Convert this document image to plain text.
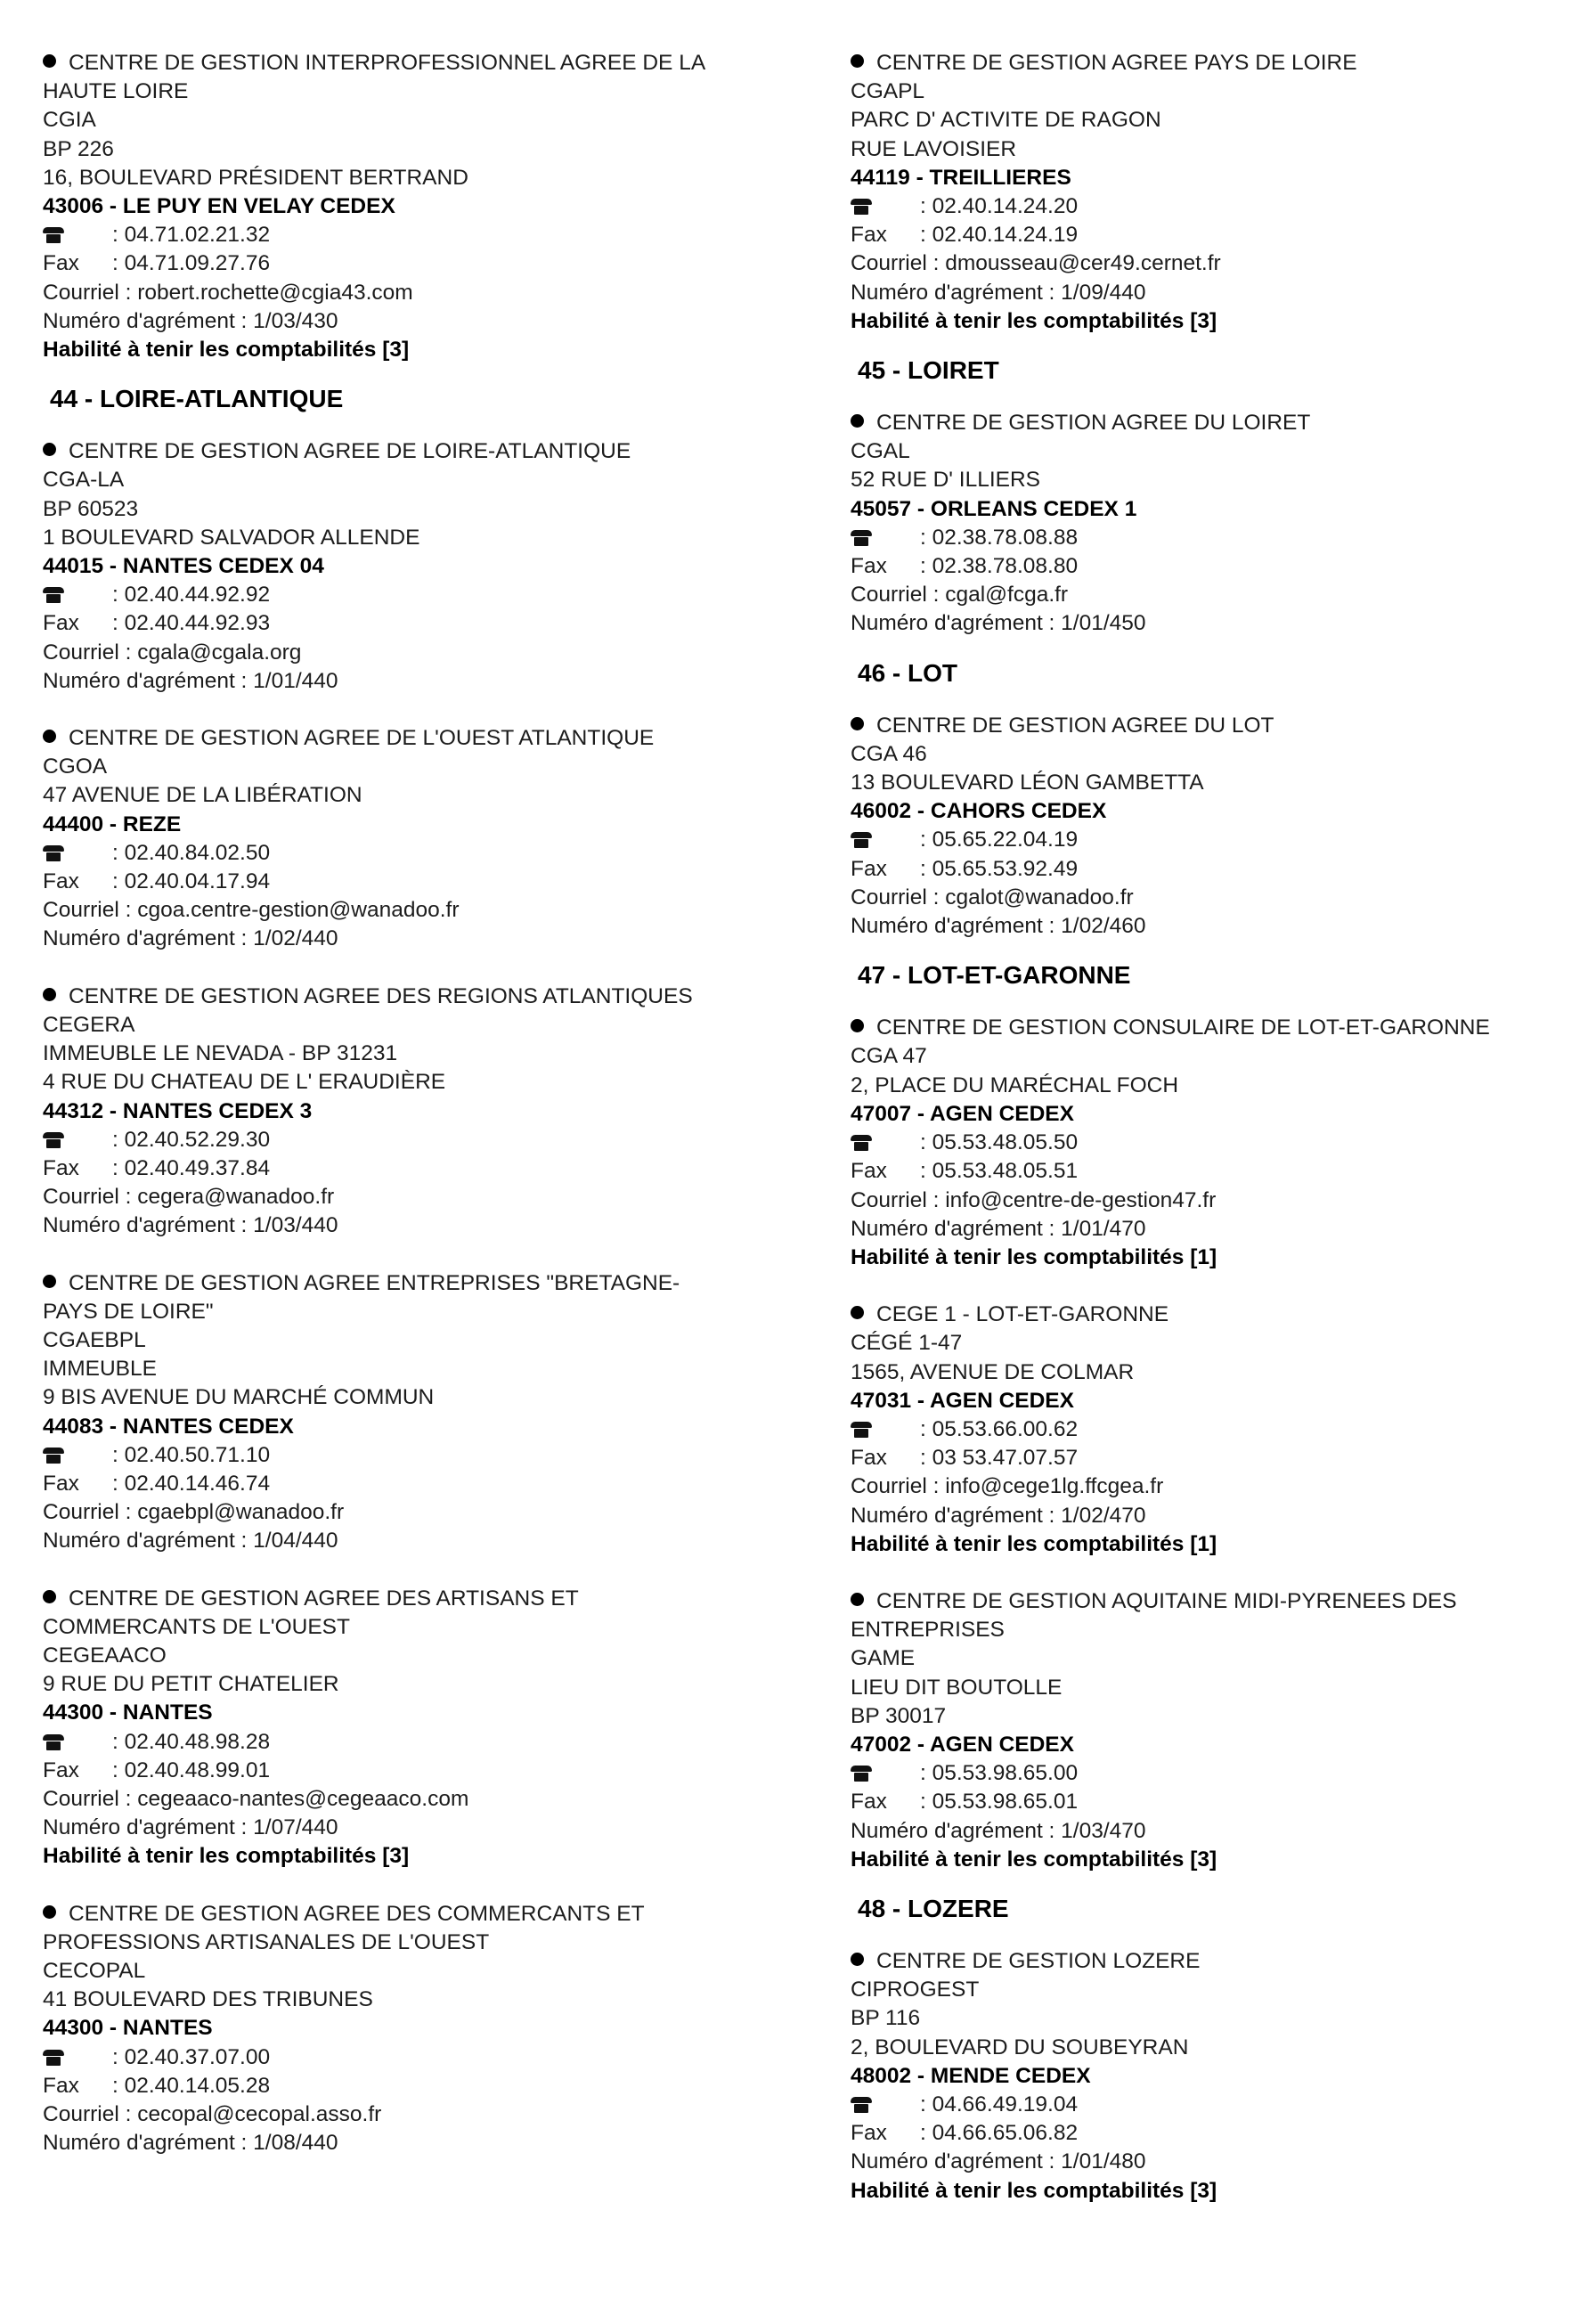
CENTRE DE GESTION INTERPROFESSIONNEL AGREE DE LA
HAUTE LOIRE
CGIA
BP 226
16, BOULEVARD PRÉSIDENT BERTRAND
43006 - LE PUY EN VELAY CEDEX
: 04.71.02.21.32
Fax	: 04.71.09.27.76
Courriel : robert.rochette@cgia43.com
Numéro d'agrément : 1/03/430
Habilité à tenir les comptabilités [3]
44 - LOIRE-ATLANTIQUE
CENTRE DE GESTION AGREE DE LOIRE-ATLANTIQUE
CGA-LA
BP 60523
1 BOULEVARD SALVADOR ALLENDE
44015 - NANTES CEDEX 04
: 02.40.44.92.92
Fax	: 02.40.44.92.93
Courriel : cgala@cgala.org
Numéro d'agrément : 1/01/440
CENTRE DE GESTION AGREE DE L'OUEST ATLANTIQUE
CGOA
47 AVENUE DE LA LIBÉRATION
44400 - REZE
: 02.40.84.02.50
Fax	: 02.40.04.17.94
Courriel : cgoa.centre-gestion@wanadoo.fr
Numéro d'agrément : 1/02/440
CENTRE DE GESTION AGREE DES REGIONS ATLANTIQUES
CEGERA
IMMEUBLE LE NEVADA - BP 31231
4 RUE DU CHATEAU DE L' ERAUDIÈRE
44312 - NANTES CEDEX 3
: 02.40.52.29.30
Fax	: 02.40.49.37.84
Courriel : cegera@wanadoo.fr
Numéro d'agrément : 1/03/440
CENTRE DE GESTION AGREE ENTREPRISES "BRETAGNE-
PAYS DE LOIRE"
CGAEBPL
IMMEUBLE
9 BIS AVENUE DU MARCHÉ COMMUN
44083 - NANTES CEDEX
: 02.40.50.71.10
Fax	: 02.40.14.46.74
Courriel : cgaebpl@wanadoo.fr
Numéro d'agrément : 1/04/440
CENTRE DE GESTION AGREE DES ARTISANS ET
COMMERCANTS DE L'OUEST
CEGEAACO
9 RUE DU PETIT CHATELIER
44300 - NANTES
: 02.40.48.98.28
Fax	: 02.40.48.99.01
Courriel : cegeaaco-nantes@cegeaaco.com
Numéro d'agrément : 1/07/440
Habilité à tenir les comptabilités [3]
CENTRE DE GESTION AGREE DES COMMERCANTS ET
PROFESSIONS ARTISANALES DE L'OUEST
CECOPAL
41 BOULEVARD DES TRIBUNES
44300 - NANTES
: 02.40.37.07.00
Fax	: 02.40.14.05.28
Courriel : cecopal@cecopal.asso.fr
Numéro d'agrément : 1/08/440
CENTRE DE GESTION AGREE PAYS DE LOIRE
CGAPL
PARC D' ACTIVITE DE RAGON
RUE LAVOISIER
44119 - TREILLIERES
: 02.40.14.24.20
Fax	: 02.40.14.24.19
Courriel : dmousseau@cer49.cernet.fr
Numéro d'agrément : 1/09/440
Habilité à tenir les comptabilités [3]
45 - LOIRET
CENTRE DE GESTION AGREE DU LOIRET
CGAL
52 RUE D' ILLIERS
45057 - ORLEANS CEDEX 1
: 02.38.78.08.88
Fax	: 02.38.78.08.80
Courriel : cgal@fcga.fr
Numéro d'agrément : 1/01/450
46 - LOT
CENTRE DE GESTION AGREE DU LOT
CGA 46
13 BOULEVARD LÉON GAMBETTA
46002 - CAHORS CEDEX
: 05.65.22.04.19
Fax	: 05.65.53.92.49
Courriel : cgalot@wanadoo.fr
Numéro d'agrément : 1/02/460
47 - LOT-ET-GARONNE
CENTRE DE GESTION CONSULAIRE DE LOT-ET-GARONNE
CGA 47
2, PLACE DU MARÉCHAL FOCH
47007 - AGEN CEDEX
: 05.53.48.05.50
Fax	: 05.53.48.05.51
Courriel : info@centre-de-gestion47.fr
Numéro d'agrément : 1/01/470
Habilité à tenir les comptabilités [1]
CEGE 1 - LOT-ET-GARONNE
CÉGÉ 1-47
1565, AVENUE DE COLMAR
47031 - AGEN CEDEX
: 05.53.66.00.62
Fax	: 03 53.47.07.57
Courriel : info@cege1lg.ffcgea.fr
Numéro d'agrément : 1/02/470
Habilité à tenir les comptabilités [1]
CENTRE DE GESTION AQUITAINE MIDI-PYRENEES DES
ENTREPRISES
GAME
LIEU DIT BOUTOLLE
BP 30017
47002 - AGEN CEDEX
: 05.53.98.65.00
Fax	: 05.53.98.65.01
Numéro d'agrément : 1/03/470
Habilité à tenir les comptabilités [3]
48 - LOZERE
CENTRE DE GESTION LOZERE
CIPROGEST
BP 116
2, BOULEVARD DU SOUBEYRAN
48002 - MENDE CEDEX
: 04.66.49.19.04
Fax	: 04.66.65.06.82
Numéro d'agrément : 1/01/480
Habilité à tenir les comptabilités [3]
